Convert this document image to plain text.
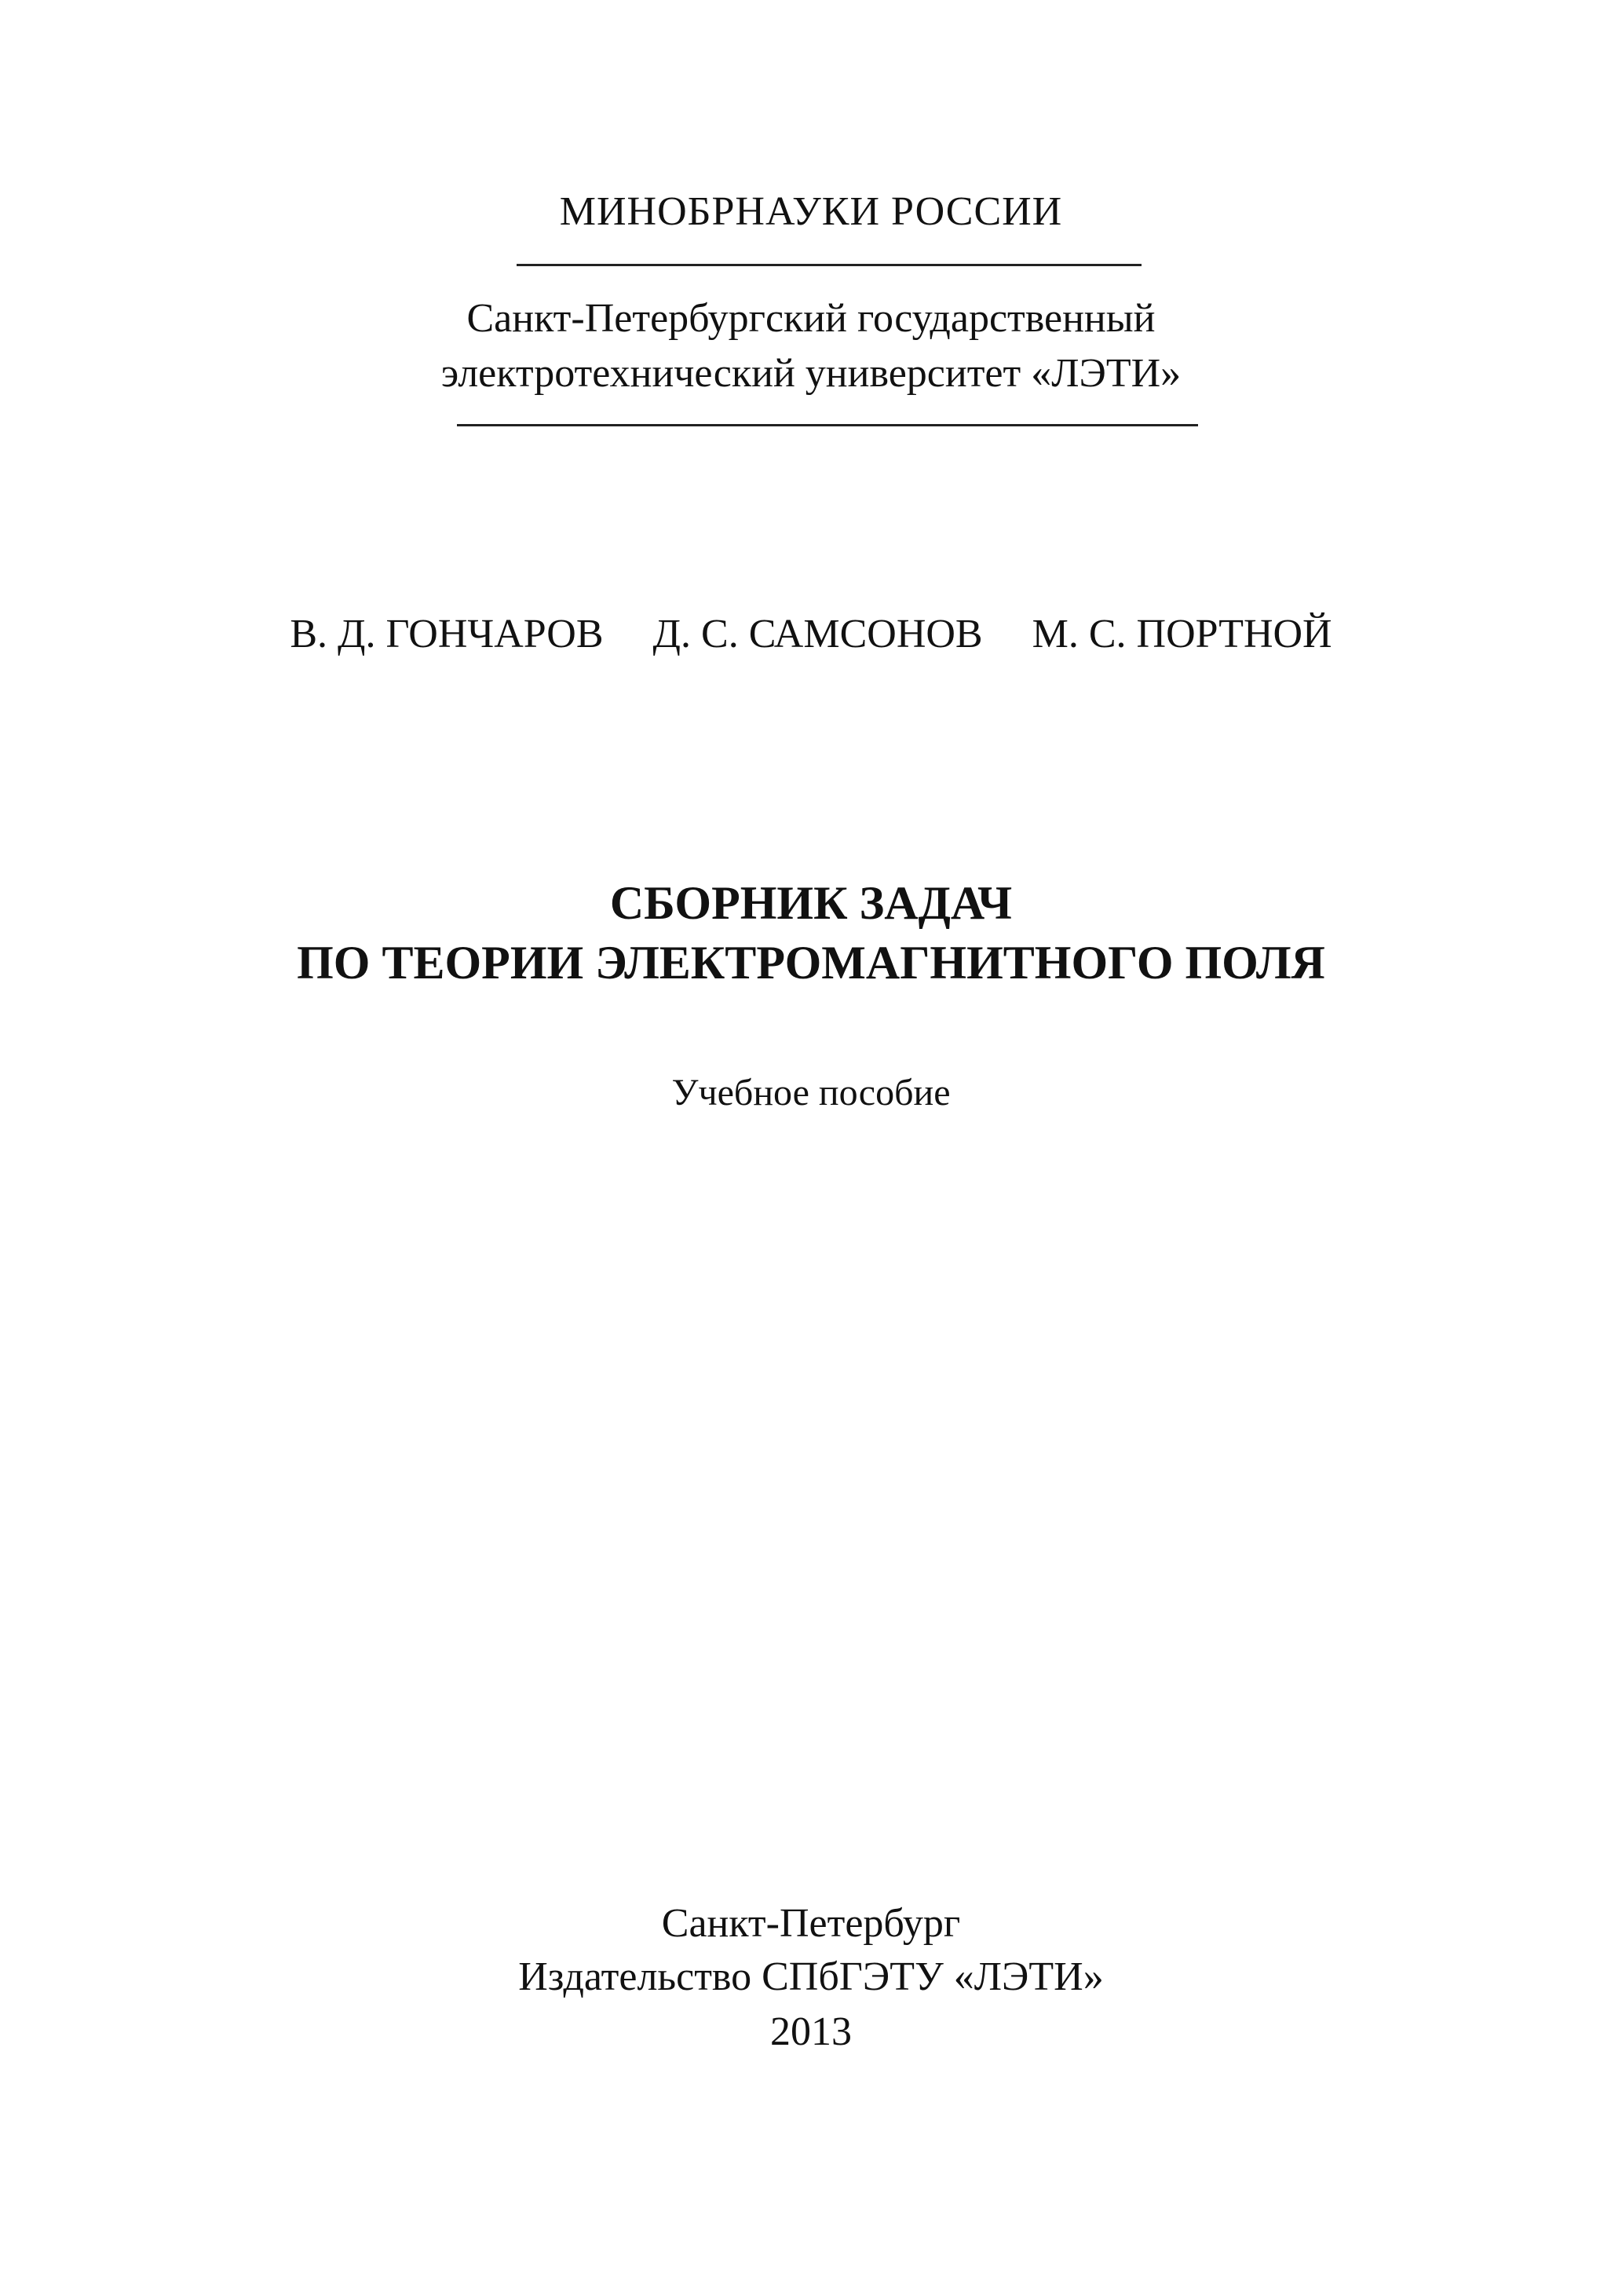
МИНОБРНАУКИ РОССИИ
Санкт-Петербургский государственный
электротехнический университет «ЛЭТИ»
В. Д. ГОНЧАРОВ Д. С. САМСОНОВ М. С. ПОРТНОЙ
СБОРНИК ЗАДАЧ
ПО ТЕОРИИ ЭЛЕКТРОМАГНИТНОГО ПОЛЯ
Учебное пособие
Санкт-Петербург
Издательство СПбГЭТУ «ЛЭТИ»
2013
